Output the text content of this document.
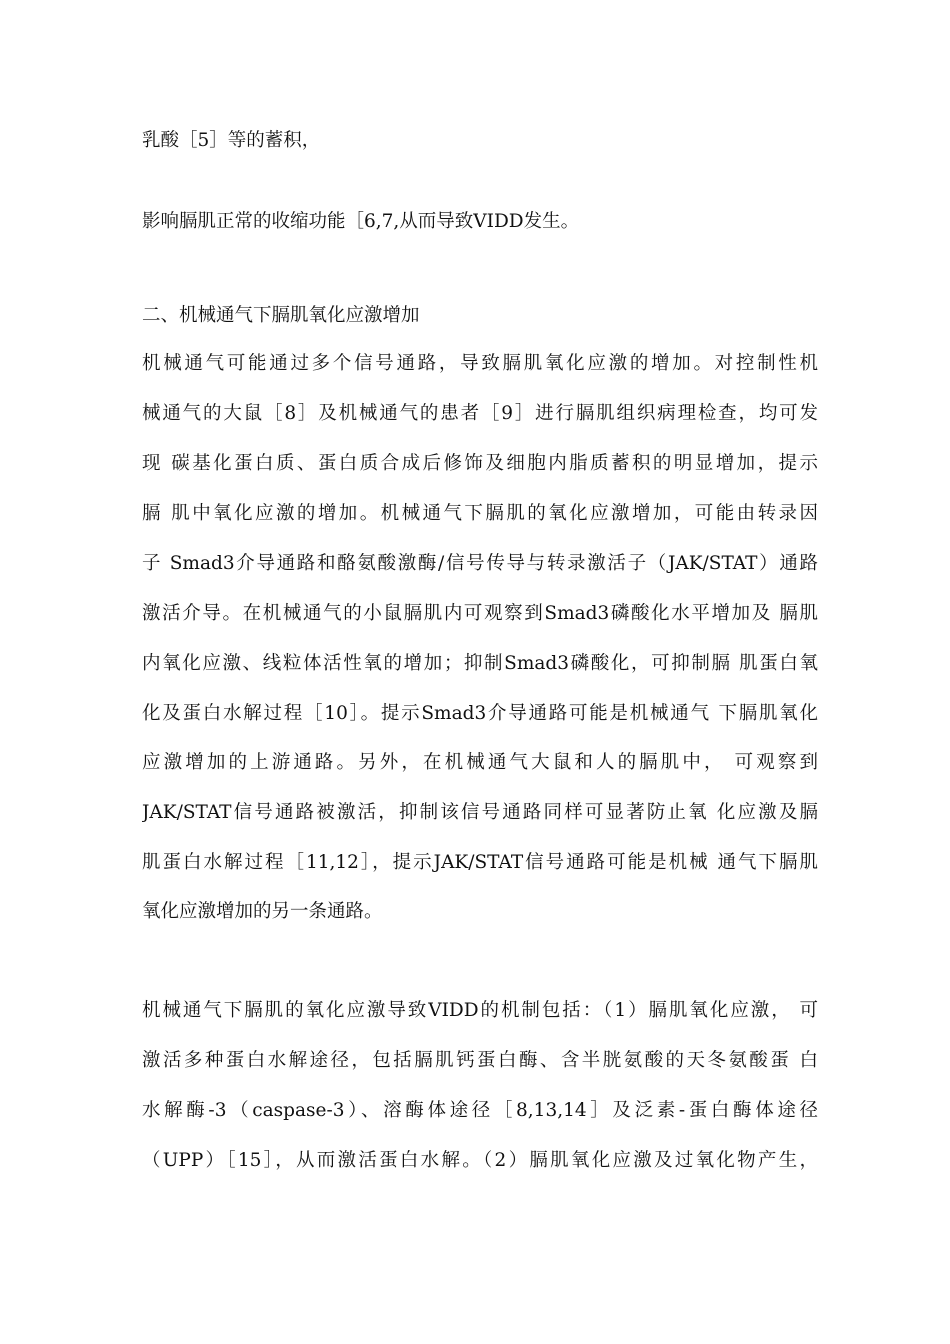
乳酸［5］等的蓄积，
影响膈肌正常的收缩功能［6,7,从而导致VIDD发生。
二、机械通气下膈肌氧化应激增加
机械通气可能通过多个信号通路，导致膈肌氧化应激的增加。对控制性机
械通气的大鼠［8］及机械通气的患者［9］进行膈肌组织病理检查，均可发
现 碳基化蛋白质、蛋白质合成后修饰及细胞内脂质蓄积的明显增加，提示
膈 肌中氧化应激的增加。机械通气下膈肌的氧化应激增加，可能由转录因
子 Smad3介导通路和酪氨酸激酶/信号传导与转录激活子（JAK/STAT）通路
激活介导。在机械通气的小鼠膈肌内可观察到Smad3磷酸化水平增加及 膈肌
内氧化应激、线粒体活性氧的增加；抑制Smad3磷酸化，可抑制膈 肌蛋白氧
化及蛋白水解过程［10］。提示Smad3介导通路可能是机械通气 下膈肌氧化
应激增加的上游通路。另外，在机械通气大鼠和人的膈肌中， 可观察到
JAK/STAT信号通路被激活，抑制该信号通路同样可显著防止氧 化应激及膈
肌蛋白水解过程［11,12］，提示JAK/STAT信号通路可能是机械 通气下膈肌
氧化应激增加的另一条通路。
机械通气下膈肌的氧化应激导致VIDD的机制包括：（1）膈肌氧化应激， 可
激活多种蛋白水解途径，包括膈肌钙蛋白酶、含半胱氨酸的天冬氨酸蛋 白
水解酶-3（caspase-3）、溶酶体途径［8,13,14］及泛素-蛋白酶体途径
（UPP）［15］，从而激活蛋白水解。（2）膈肌氧化应激及过氧化物产生，
